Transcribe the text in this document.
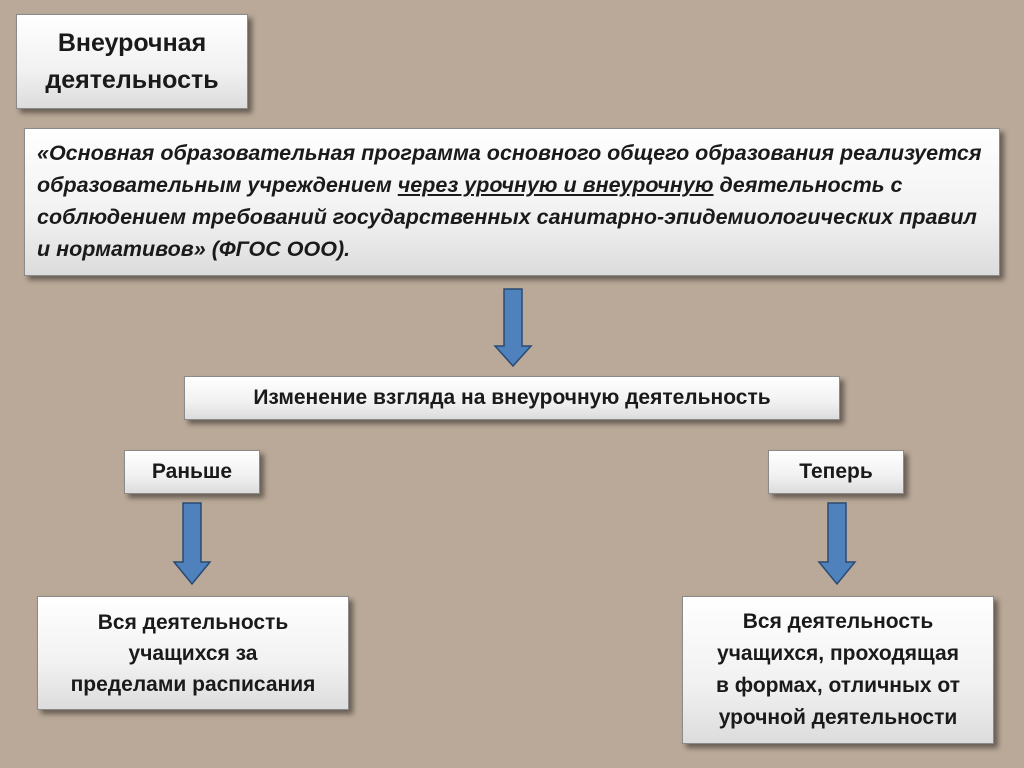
Внеурочная
деятельность
«Основная образовательная программа основного общего образования реализуется образовательным учреждением через урочную и внеурочную деятельность с соблюдением требований государственных санитарно-эпидемиологических правил и нормативов» (ФГОС ООО).
Изменение взгляда на внеурочную деятельность
Раньше	Теперь
Вся деятельность
учащихся за
пределами расписания
Вся деятельность
учащихся, проходящая
в формах, отличных от
урочной деятельности
